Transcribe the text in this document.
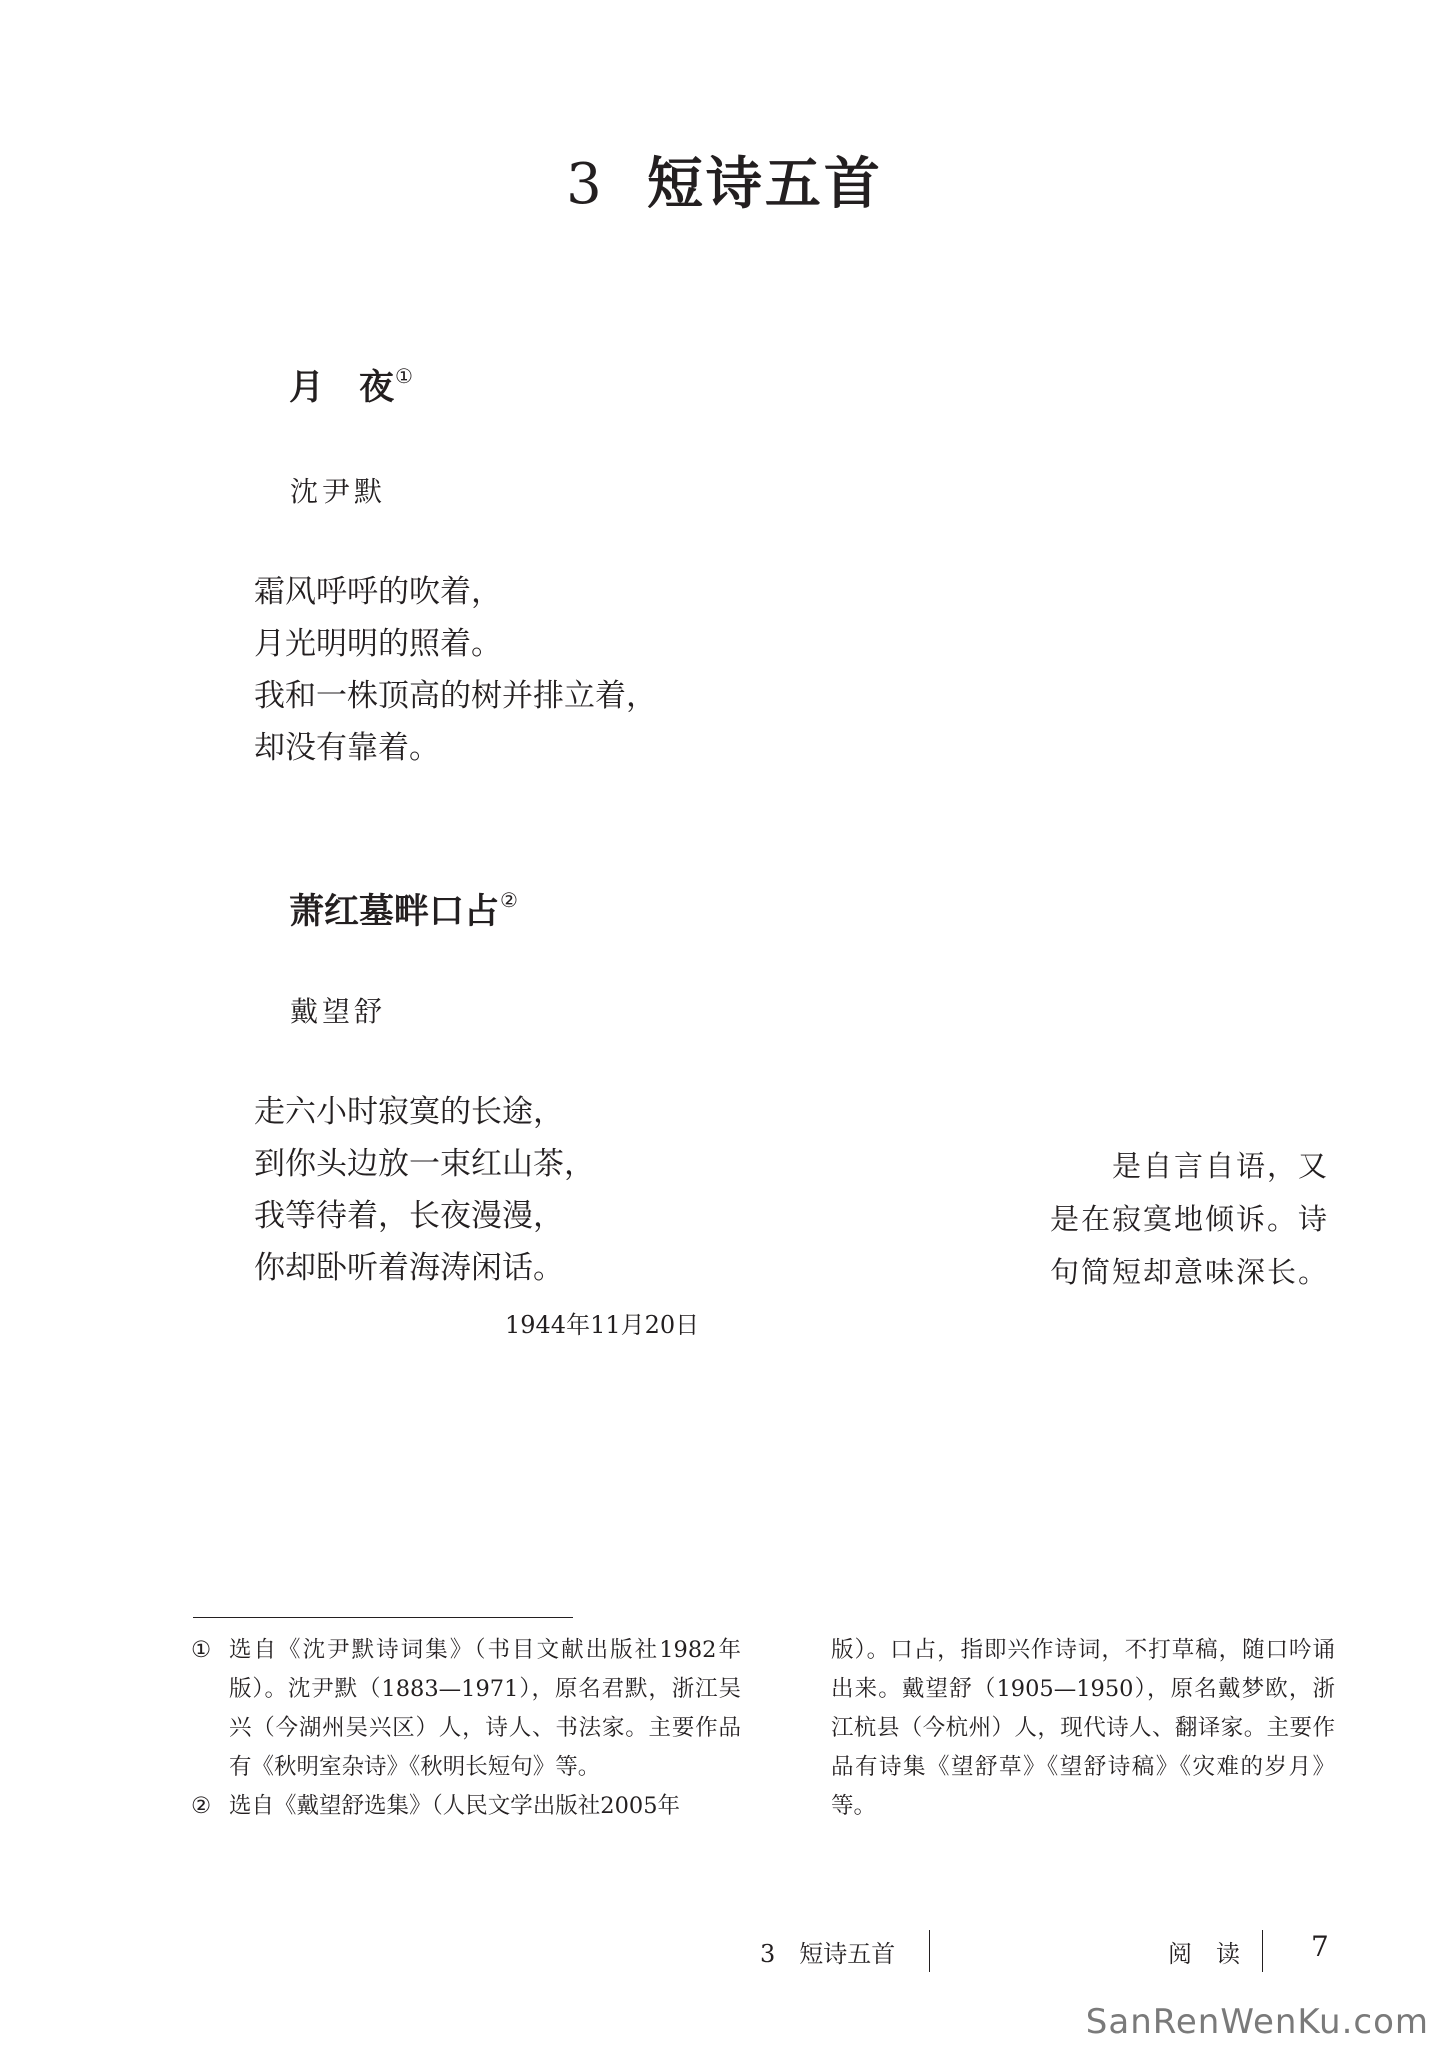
3 短诗五首
月　夜①
沈尹默
霜风呼呼的吹着，
月光明明的照着。
我和一株顶高的树并排立着，
却没有靠着。
萧红墓畔口占②
戴望舒
走六小时寂寞的长途，
到你头边放一束红山茶，
我等待着，长夜漫漫，
你却卧听着海涛闲话。
1944年11月20日
是自言自语，又
是在寂寞地倾诉。诗
句简短却意味深长。
① 选自《沈尹默诗词集》（书目文献出版社1982年版）。沈尹默（1883—1971），原名君默，浙江吴兴（今湖州吴兴区）人，诗人、书法家。主要作品有《秋明室杂诗》《秋明长短句》等。
② 选自《戴望舒选集》（人民文学出版社2005年
版）。口占，指即兴作诗词，不打草稿，随口吟诵出来。戴望舒（1905—1950），原名戴梦欧，浙江杭县（今杭州）人，现代诗人、翻译家。主要作品有诗集《望舒草》《望舒诗稿》《灾难的岁月》等。
3　短诗五首	阅　读	7
SanRenWenKu.com
